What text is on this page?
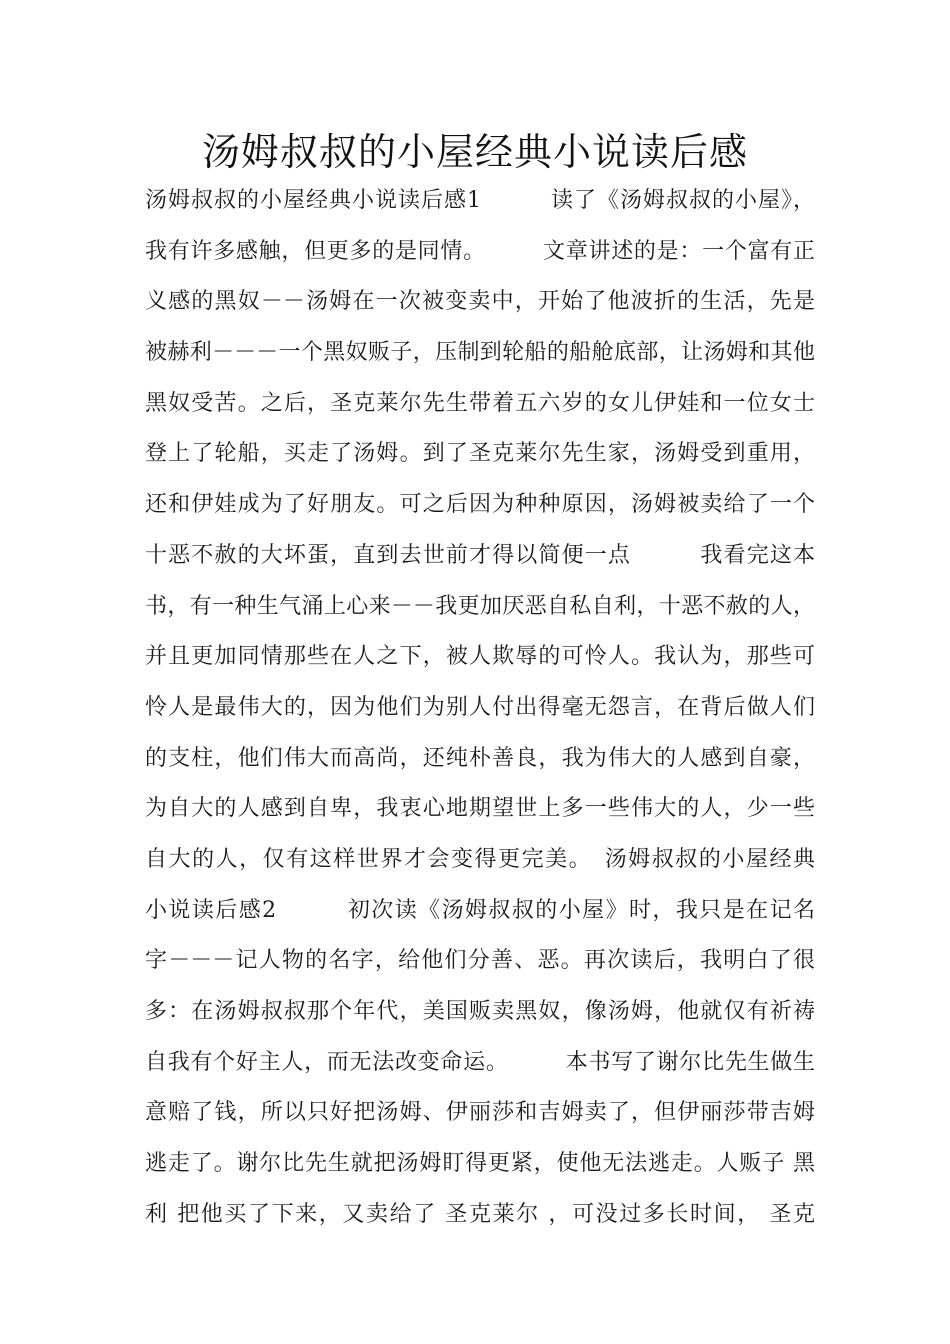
汤姆叔叔的小屋经典小说读后感
汤姆叔叔的小屋经典小说读后感1　　　读了《汤姆叔叔的小屋》，
我有许多感触，但更多的是同情。　　　文章讲述的是：一个富有正
义感的黑奴－－汤姆在一次被变卖中，开始了他波折的生活，先是
被赫利－－－一个黑奴贩子，压制到轮船的船舱底部，让汤姆和其他
黑奴受苦。之后，圣克莱尔先生带着五六岁的女儿伊娃和一位女士
登上了轮船，买走了汤姆。到了圣克莱尔先生家，汤姆受到重用，
还和伊娃成为了好朋友。可之后因为种种原因，汤姆被卖给了一个
十恶不赦的大坏蛋，直到去世前才得以简便一点　　　我看完这本
书，有一种生气涌上心来－－我更加厌恶自私自利，十恶不赦的人，
并且更加同情那些在人之下，被人欺辱的可怜人。我认为，那些可
怜人是最伟大的，因为他们为别人付出得毫无怨言，在背后做人们
的支柱，他们伟大而高尚，还纯朴善良，我为伟大的人感到自豪，
为自大的人感到自卑，我衷心地期望世上多一些伟大的人，少一些
自大的人，仅有这样世界才会变得更完美。　汤姆叔叔的小屋经典
小说读后感2　　　初次读《汤姆叔叔的小屋》时，我只是在记名
字－－－记人物的名字，给他们分善、恶。再次读后，我明白了很
多：在汤姆叔叔那个年代，美国贩卖黑奴，像汤姆，他就仅有祈祷
自我有个好主人，而无法改变命运。　　　本书写了谢尔比先生做生
意赔了钱，所以只好把汤姆、伊丽莎和吉姆卖了，但伊丽莎带吉姆
逃走了。谢尔比先生就把汤姆盯得更紧，使他无法逃走。人贩子 黑
利 把他买了下来，又卖给了 圣克莱尔 ，可没过多长时间， 圣克
